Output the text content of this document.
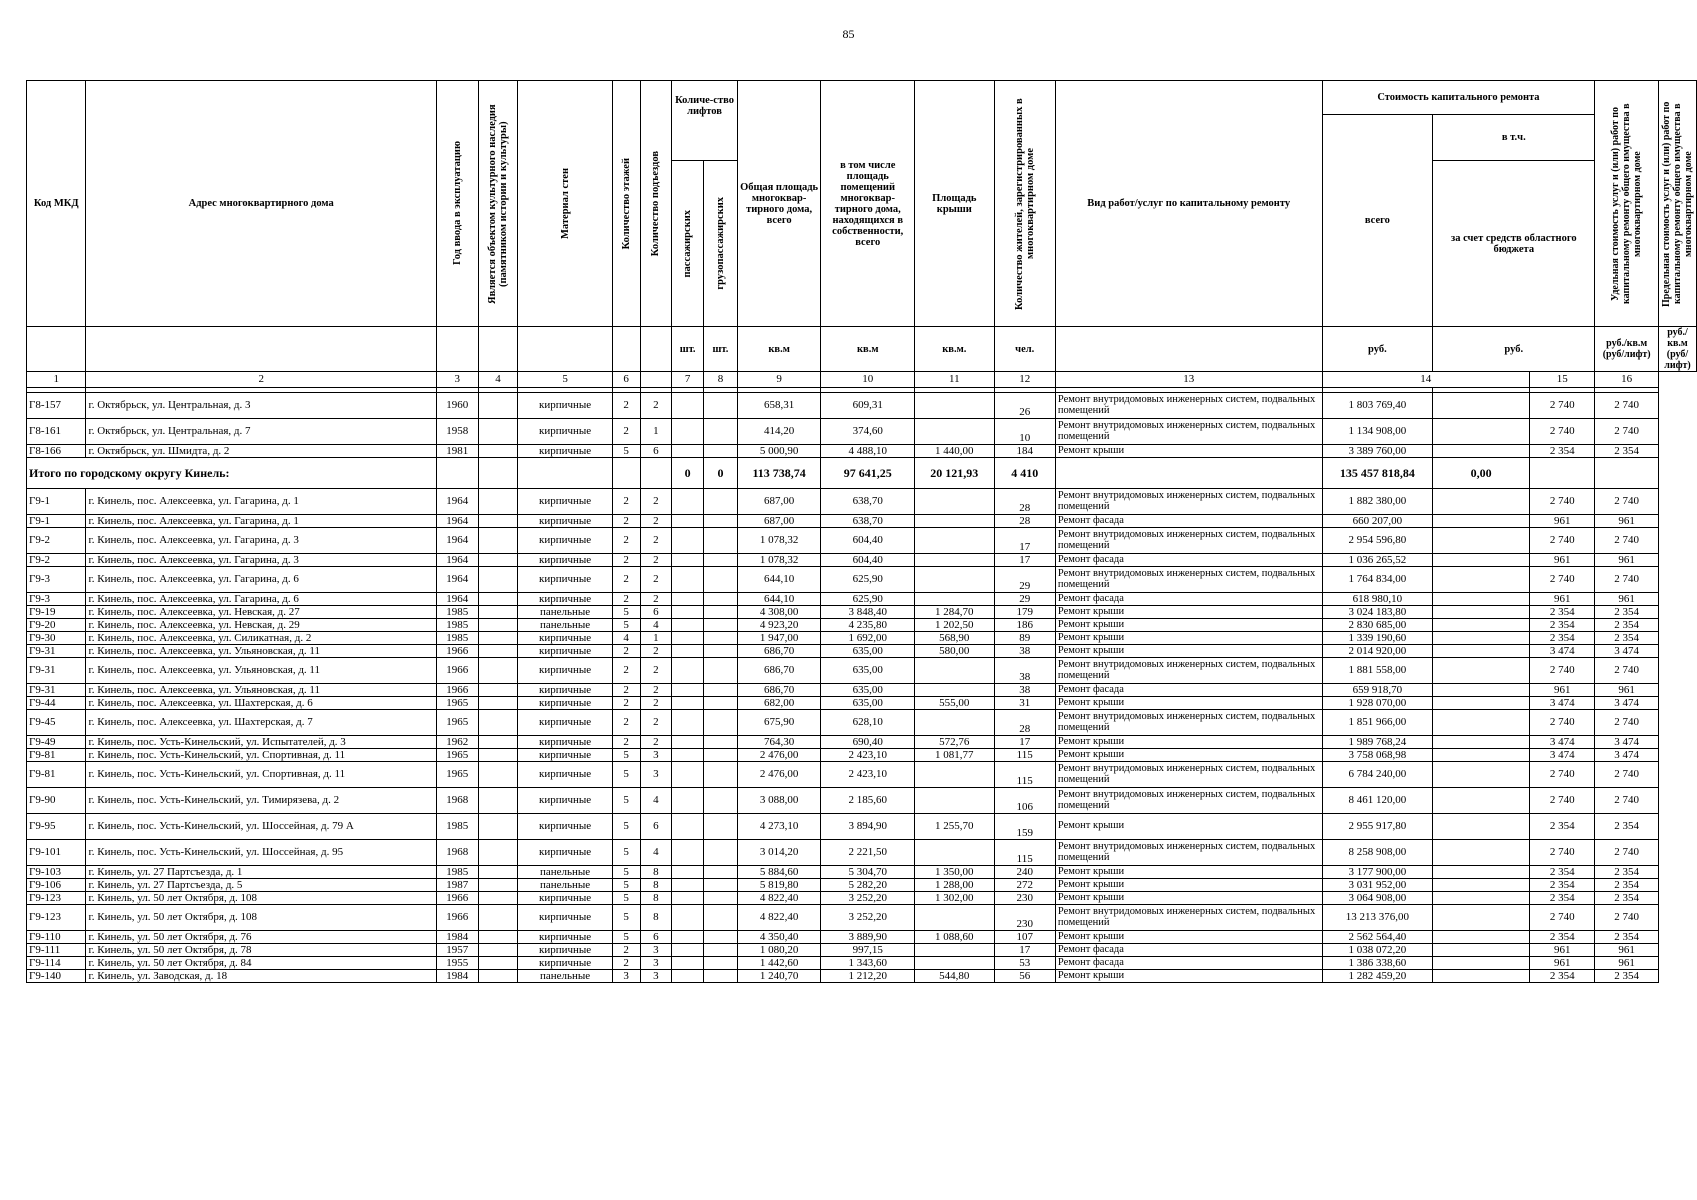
85
Код МКД	Адрес многоквартирного дома	Год ввода в эксплуатацию	Является объектом культурного наследия (памятником истории и культуры)	Материал стен	Количество этажей	Количество подъездов	Количе-ство лифтов		Общая площадь многоквар-тирного дома, всего	в том числе площадь помещений многоквар-тирного дома, находящихся в собственности, всего	Площадь крыши	Количество жителей, зарегистрированных в многоквартирном доме	Вид работ/услуг по капитальному ремонту	Стоимость капитального ремонта			Удельная стоимость услуг и (или) работ по капитальному ремонту общего имущества в многоквартирном доме	Предельная стоимость услуг и (или) работ по капитальному ремонту общего имущества в многоквартирном доме

														всего	в т.ч.			

							пассажирских	грузопассажирских							за счет средств областного бюджета			
							шт.	шт.	кв.м	кв.м	кв.м.	чел.		руб.	руб.		руб./кв.м (руб/лифт)	руб./кв.м (руб/лифт)
1	2	3	4	5	6		7	8	9	10	11	12	13	14		15	16	

Г8-157	г. Октябрьск, ул. Центральная, д. 3	1960		кирпичные	2	2			658,31	609,31		26	Ремонт внутридомовых инженерных систем, подвальных помещений	1 803 769,40		2 740	2 740	
Г8-161	г. Октябрьск, ул. Центральная, д. 7	1958		кирпичные	2	1			414,20	374,60		10	Ремонт внутридомовых инженерных систем, подвальных помещений	1 134 908,00		2 740	2 740	
Г8-166	г. Октябрьск, ул. Шмидта, д. 2	1981		кирпичные	5	6			5 000,90	4 488,10	1 440,00	184	Ремонт крыши	3 389 760,00		2 354	2 354	
Итого по городскому округу Кинель:							0	0	113 738,74	97 641,25	20 121,93	4 410		135 457 818,84	0,00			
Г9-1	г. Кинель, пос. Алексеевка, ул. Гагарина, д. 1	1964		кирпичные	2	2			687,00	638,70		28	Ремонт внутридомовых инженерных систем, подвальных помещений	1 882 380,00		2 740	2 740	
Г9-1	г. Кинель, пос. Алексеевка, ул. Гагарина, д. 1	1964		кирпичные	2	2			687,00	638,70		28	Ремонт фасада	660 207,00		961	961	
Г9-2	г. Кинель, пос. Алексеевка, ул. Гагарина, д. 3	1964		кирпичные	2	2			1 078,32	604,40		17	Ремонт внутридомовых инженерных систем, подвальных помещений	2 954 596,80		2 740	2 740	
Г9-2	г. Кинель, пос. Алексеевка, ул. Гагарина, д. 3	1964		кирпичные	2	2			1 078,32	604,40		17	Ремонт фасада	1 036 265,52		961	961	
Г9-3	г. Кинель, пос. Алексеевка, ул. Гагарина, д. 6	1964		кирпичные	2	2			644,10	625,90		29	Ремонт внутридомовых инженерных систем, подвальных помещений	1 764 834,00		2 740	2 740	
Г9-3	г. Кинель, пос. Алексеевка, ул. Гагарина, д. 6	1964		кирпичные	2	2			644,10	625,90		29	Ремонт фасада	618 980,10		961	961	
Г9-19	г. Кинель, пос. Алексеевка, ул. Невская, д. 27	1985		панельные	5	6			4 308,00	3 848,40	1 284,70	179	Ремонт крыши	3 024 183,80		2 354	2 354	
Г9-20	г. Кинель, пос. Алексеевка, ул. Невская, д. 29	1985		панельные	5	4			4 923,20	4 235,80	1 202,50	186	Ремонт крыши	2 830 685,00		2 354	2 354	
Г9-30	г. Кинель, пос. Алексеевка, ул. Силикатная, д. 2	1985		кирпичные	4	1			1 947,00	1 692,00	568,90	89	Ремонт крыши	1 339 190,60		2 354	2 354	
Г9-31	г. Кинель, пос. Алексеевка, ул. Ульяновская, д. 11	1966		кирпичные	2	2			686,70	635,00	580,00	38	Ремонт крыши	2 014 920,00		3 474	3 474	
Г9-31	г. Кинель, пос. Алексеевка, ул. Ульяновская, д. 11	1966		кирпичные	2	2			686,70	635,00		38	Ремонт внутридомовых инженерных систем, подвальных помещений	1 881 558,00		2 740	2 740	
Г9-31	г. Кинель, пос. Алексеевка, ул. Ульяновская, д. 11	1966		кирпичные	2	2			686,70	635,00		38	Ремонт фасада	659 918,70		961	961	
Г9-44	г. Кинель, пос. Алексеевка, ул. Шахтерская, д. 6	1965		кирпичные	2	2			682,00	635,00	555,00	31	Ремонт крыши	1 928 070,00		3 474	3 474	
Г9-45	г. Кинель, пос. Алексеевка, ул. Шахтерская, д. 7	1965		кирпичные	2	2			675,90	628,10		28	Ремонт внутридомовых инженерных систем, подвальных помещений	1 851 966,00		2 740	2 740	
Г9-49	г. Кинель, пос. Усть-Кинельский, ул. Испытателей, д. 3	1962		кирпичные	2	2			764,30	690,40	572,76	17	Ремонт крыши	1 989 768,24		3 474	3 474	
Г9-81	г. Кинель, пос. Усть-Кинельский, ул. Спортивная, д. 11	1965		кирпичные	5	3			2 476,00	2 423,10	1 081,77	115	Ремонт крыши	3 758 068,98		3 474	3 474	
Г9-81	г. Кинель, пос. Усть-Кинельский, ул. Спортивная, д. 11	1965		кирпичные	5	3			2 476,00	2 423,10		115	Ремонт внутридомовых инженерных систем, подвальных помещений	6 784 240,00		2 740	2 740	
Г9-90	г. Кинель, пос. Усть-Кинельский, ул. Тимирязева, д. 2	1968		кирпичные	5	4			3 088,00	2 185,60		106	Ремонт внутридомовых инженерных систем, подвальных помещений	8 461 120,00		2 740	2 740	
Г9-95	г. Кинель, пос. Усть-Кинельский, ул. Шоссейная, д. 79 А	1985		кирпичные	5	6			4 273,10	3 894,90	1 255,70	159	Ремонт крыши	2 955 917,80		2 354	2 354	
Г9-101	г. Кинель, пос. Усть-Кинельский, ул. Шоссейная, д. 95	1968		кирпичные	5	4			3 014,20	2 221,50		115	Ремонт внутридомовых инженерных систем, подвальных помещений	8 258 908,00		2 740	2 740	
Г9-103	г. Кинель, ул. 27 Партсъезда, д. 1	1985		панельные	5	8			5 884,60	5 304,70	1 350,00	240	Ремонт крыши	3 177 900,00		2 354	2 354	
Г9-106	г. Кинель, ул. 27 Партсъезда, д. 5	1987		панельные	5	8			5 819,80	5 282,20	1 288,00	272	Ремонт крыши	3 031 952,00		2 354	2 354	
Г9-123	г. Кинель, ул. 50 лет Октября, д. 108	1966		кирпичные	5	8			4 822,40	3 252,20	1 302,00	230	Ремонт крыши	3 064 908,00		2 354	2 354	
Г9-123	г. Кинель, ул. 50 лет Октября, д. 108	1966		кирпичные	5	8			4 822,40	3 252,20		230	Ремонт внутридомовых инженерных систем, подвальных помещений	13 213 376,00		2 740	2 740	
Г9-110	г. Кинель, ул. 50 лет Октября, д. 76	1984		кирпичные	5	6			4 350,40	3 889,90	1 088,60	107	Ремонт крыши	2 562 564,40		2 354	2 354	
Г9-111	г. Кинель, ул. 50 лет Октября, д. 78	1957		кирпичные	2	3			1 080,20	997,15		17	Ремонт фасада	1 038 072,20		961	961	
Г9-114	г. Кинель, ул. 50 лет Октября, д. 84	1955		кирпичные	2	3			1 442,60	1 343,60		53	Ремонт фасада	1 386 338,60		961	961	
Г9-140	г. Кинель, ул. Заводская, д. 18	1984		панельные	3	3			1 240,70	1 212,20	544,80	56	Ремонт крыши	1 282 459,20		2 354	2 354	
